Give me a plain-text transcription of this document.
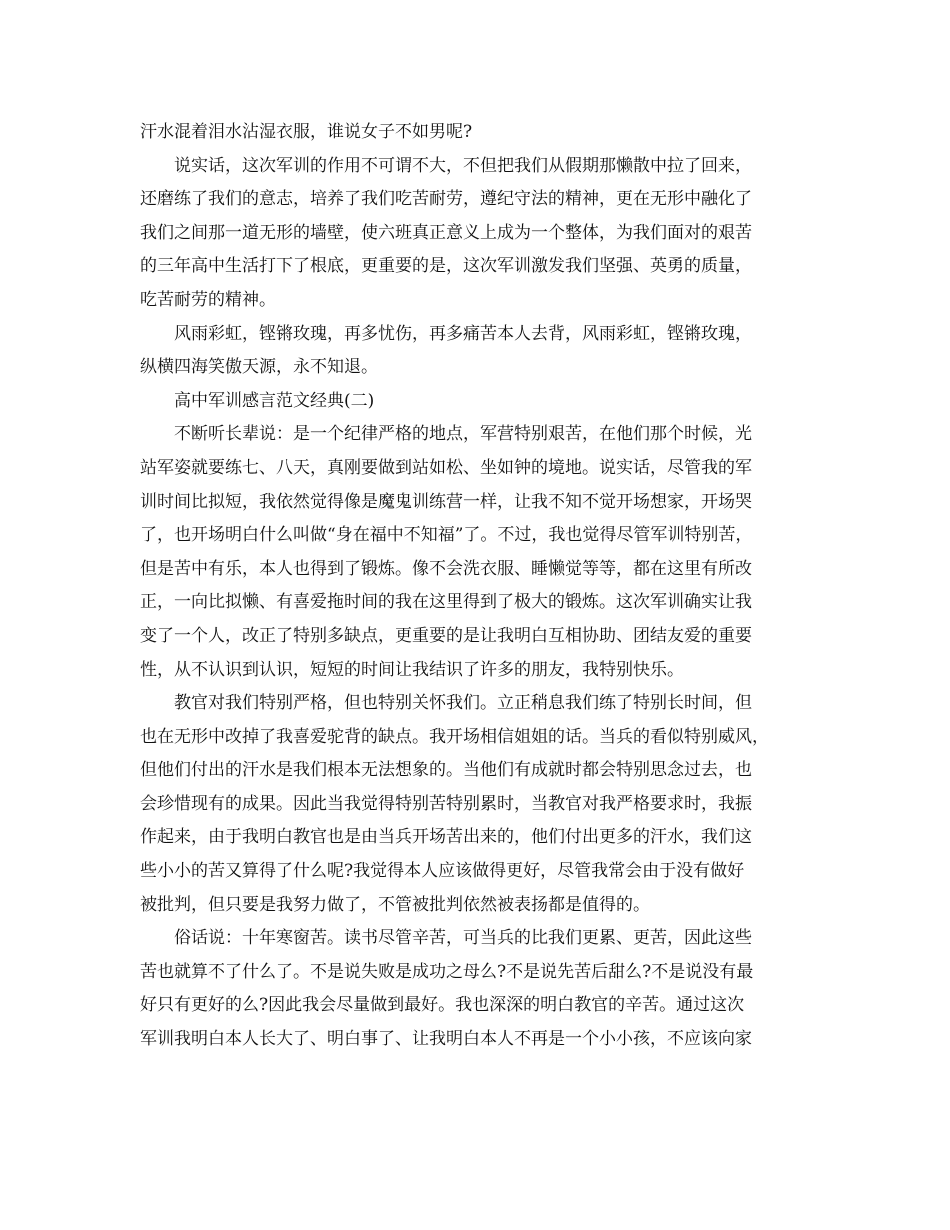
汗水混着泪水沾湿衣服，谁说女子不如男呢?
说实话，这次军训的作用不可谓不大，不但把我们从假期那懒散中拉了回来，
还磨练了我们的意志，培养了我们吃苦耐劳，遵纪守法的精神，更在无形中融化了
我们之间那一道无形的墙壁，使六班真正意义上成为一个整体，为我们面对的艰苦
的三年高中生活打下了根底，更重要的是，这次军训激发我们坚强、英勇的质量，
吃苦耐劳的精神。
风雨彩虹，铿锵玫瑰，再多忧伤，再多痛苦本人去背，风雨彩虹，铿锵玫瑰，
纵横四海笑傲天源，永不知退。
高中军训感言范文经典(二)
不断听长辈说：是一个纪律严格的地点，军营特别艰苦，在他们那个时候，光
站军姿就要练七、八天，真刚要做到站如松、坐如钟的境地。说实话，尽管我的军
训时间比拟短，我依然觉得像是魔鬼训练营一样，让我不知不觉开场想家，开场哭
了，也开场明白什么叫做“身在福中不知福”了。不过，我也觉得尽管军训特别苦，
但是苦中有乐，本人也得到了锻炼。像不会洗衣服、睡懒觉等等，都在这里有所改
正，一向比拟懒、有喜爱拖时间的我在这里得到了极大的锻炼。这次军训确实让我
变了一个人，改正了特别多缺点，更重要的是让我明白互相协助、团结友爱的重要
性，从不认识到认识，短短的时间让我结识了许多的朋友，我特别快乐。
教官对我们特别严格，但也特别关怀我们。立正稍息我们练了特别长时间，但
也在无形中改掉了我喜爱驼背的缺点。我开场相信姐姐的话。当兵的看似特别威风，
但他们付出的汗水是我们根本无法想象的。当他们有成就时都会特别思念过去，也
会珍惜现有的成果。因此当我觉得特别苦特别累时，当教官对我严格要求时，我振
作起来，由于我明白教官也是由当兵开场苦出来的，他们付出更多的汗水，我们这
些小小的苦又算得了什么呢?我觉得本人应该做得更好，尽管我常会由于没有做好
被批判，但只要是我努力做了，不管被批判依然被表扬都是值得的。
俗话说：十年寒窗苦。读书尽管辛苦，可当兵的比我们更累、更苦，因此这些
苦也就算不了什么了。不是说失败是成功之母么?不是说先苦后甜么?不是说没有最
好只有更好的么?因此我会尽量做到最好。我也深深的明白教官的辛苦。通过这次
军训我明白本人长大了、明白事了、让我明白本人不再是一个小小孩，不应该向家
